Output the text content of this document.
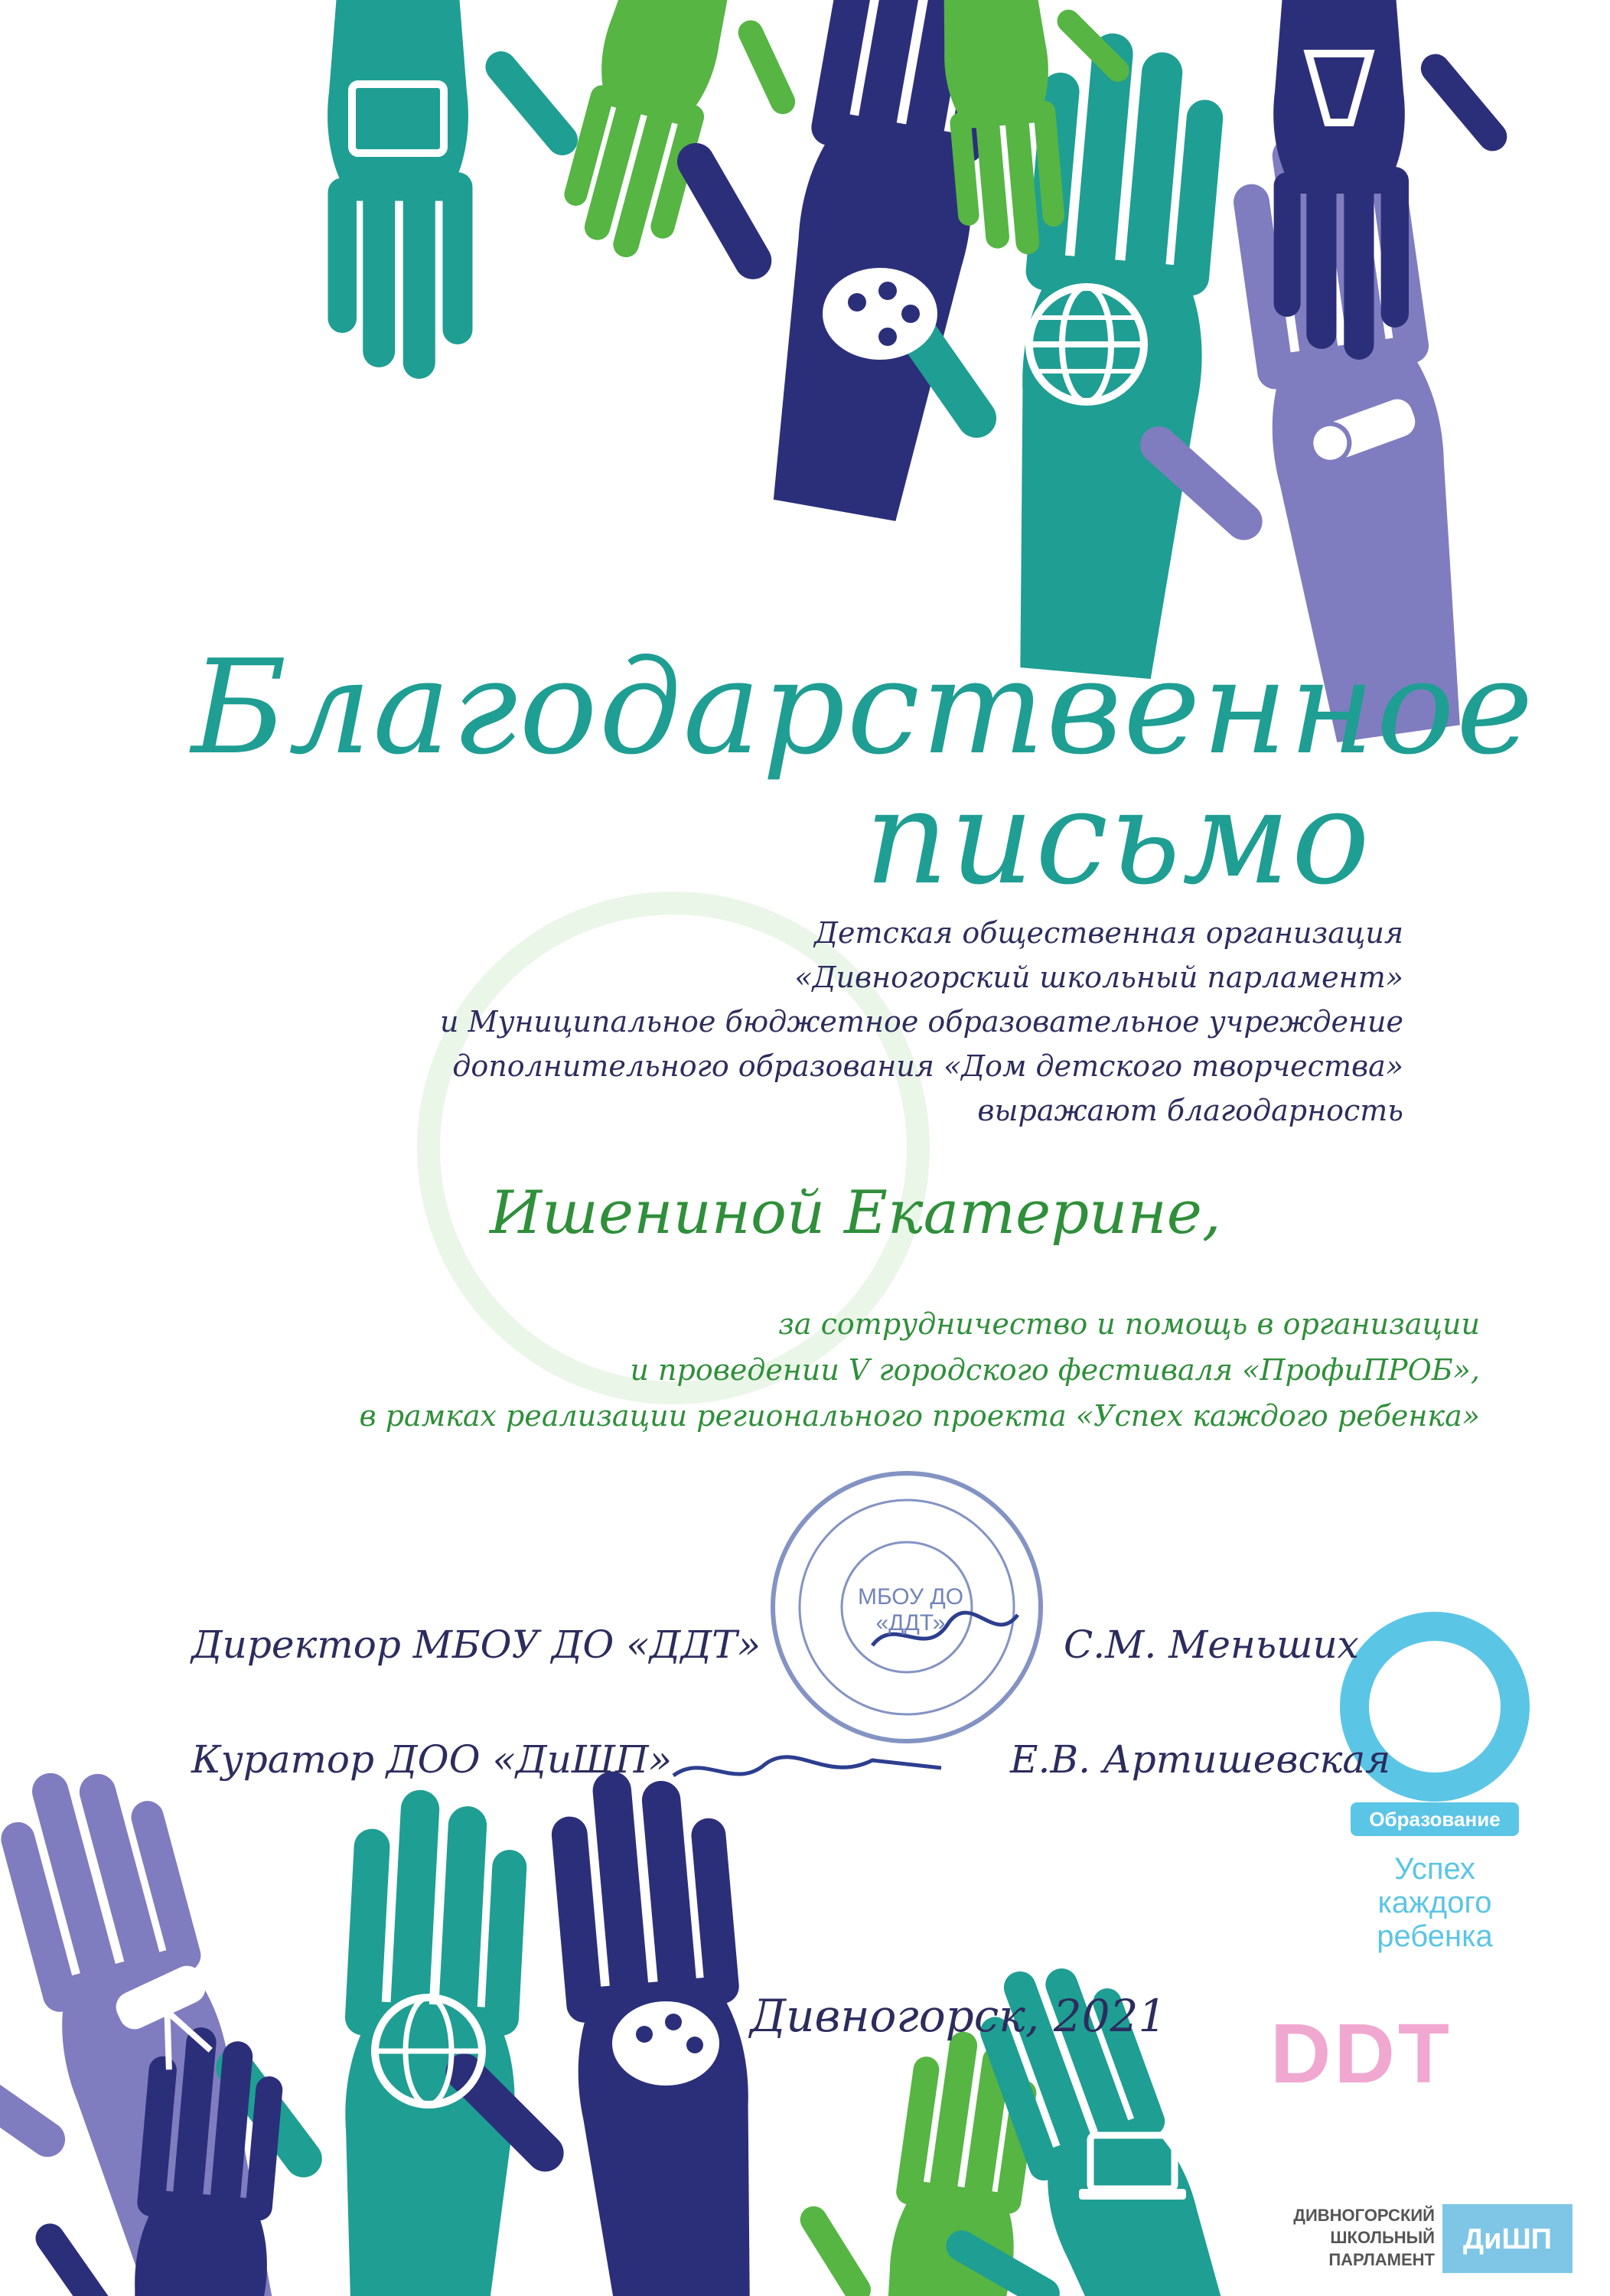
Благодарственное
письмо
Детская общественная организация
«Дивногорский школьный парламент»
и Муниципальное бюджетное образовательное учреждение
дополнительного образования «Дом детского творчества»
выражают благодарность
Ишениной Екатерине,
за сотрудничество и помощь в организации
и проведении V городского фестиваля «ПрофиПРОБ»,
в рамках реализации регионального проекта «Успех каждого ребенка»
МБОУ ДО «ДДТ»
Директор МБОУ ДО «ДДТ»	С.М. Меньших
Куратор ДОО «ДиШП»	Е.В. Артишевская
Дивногорск, 2021
Образование
Успех
каждого
ребенка
DDT
ДИВНОГОРСКИЙ
ШКОЛЬНЫЙ
ПАРЛАМЕНТ
ДиШП
